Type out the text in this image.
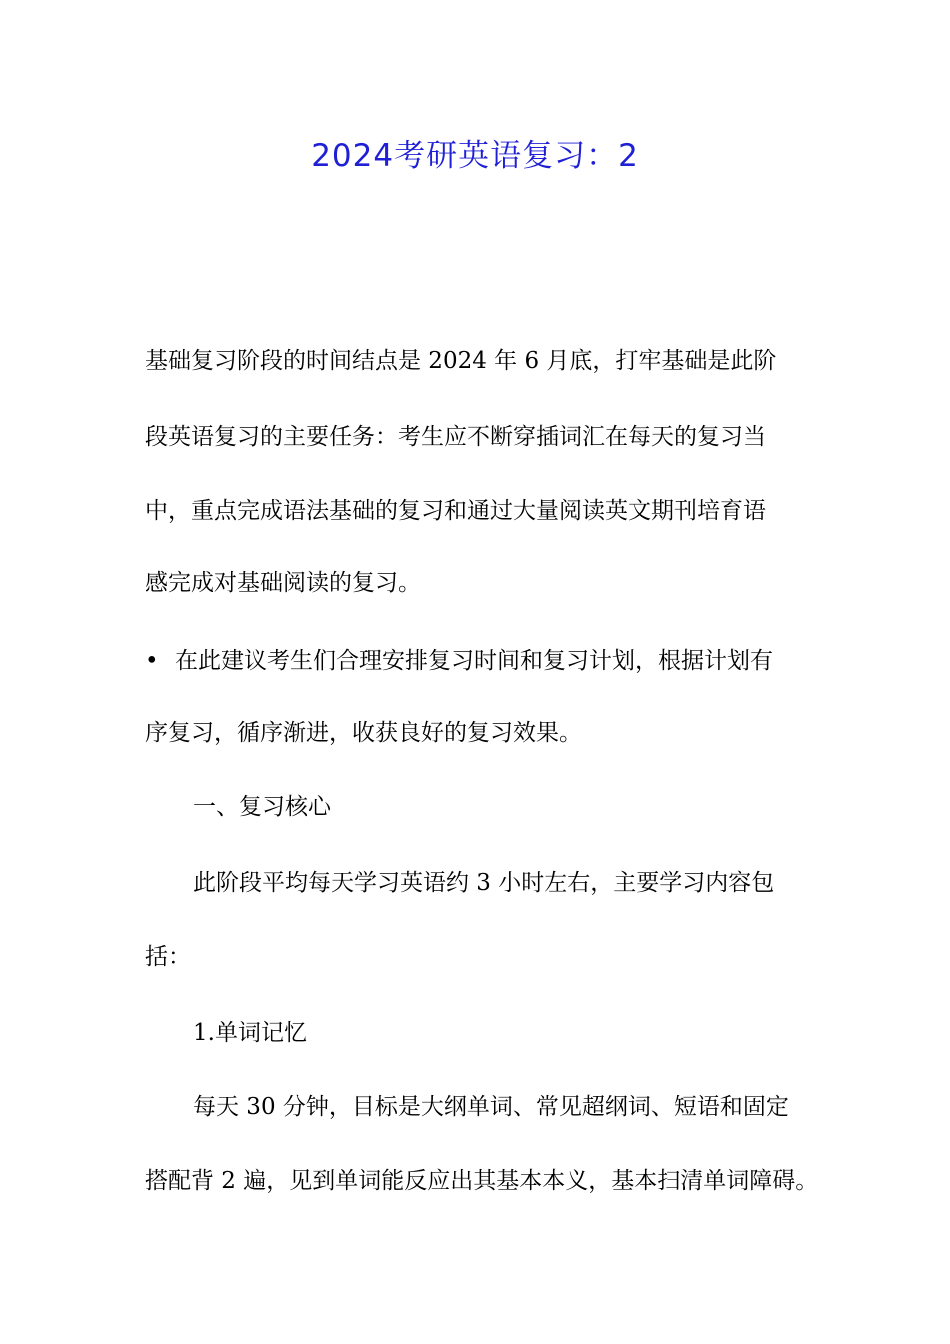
2024考研英语复习：2
基础复习阶段的时间结点是 2024 年 6 月底，打牢基础是此阶
段英语复习的主要任务：考生应不断穿插词汇在每天的复习当
中，重点完成语法基础的复习和通过大量阅读英文期刊培育语
感完成对基础阅读的复习。
• 在此建议考生们合理安排复习时间和复习计划，根据计划有
序复习，循序渐进，收获良好的复习效果。
一、复习核心
此阶段平均每天学习英语约 3 小时左右，主要学习内容包
括：
1.单词记忆
每天 30 分钟，目标是大纲单词、常见超纲词、短语和固定
搭配背 2 遍，见到单词能反应出其基本本义，基本扫清单词障碍。
